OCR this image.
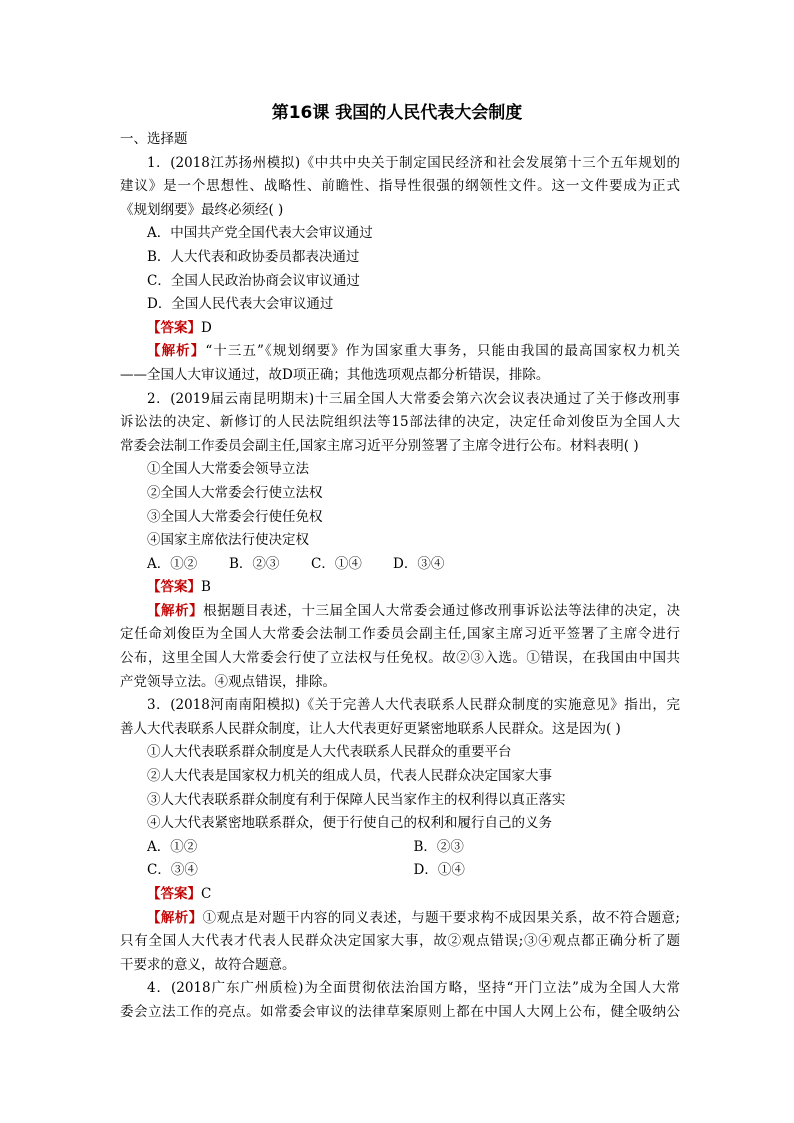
第16课 我国的人民代表大会制度
一、选择题
1．(2018江苏扬州模拟)《中共中央关于制定国民经济和社会发展第十三个五年规划的
建议》是一个思想性、战略性、前瞻性、指导性很强的纲领性文件。这一文件要成为正式
《规划纲要》最终必须经( )
A．中国共产党全国代表大会审议通过
B．人大代表和政协委员都表决通过
C．全国人民政治协商会议审议通过
D．全国人民代表大会审议通过
【答案】D
【解析】“十三五”《规划纲要》作为国家重大事务，只能由我国的最高国家权力机关
——全国人大审议通过，故D项正确；其他选项观点都分析错误，排除。
2．(2019届云南昆明期末)十三届全国人大常委会第六次会议表决通过了关于修改刑事
诉讼法的决定、新修订的人民法院组织法等15部法律的决定，决定任命刘俊臣为全国人大
常委会法制工作委员会副主任,国家主席习近平分别签署了主席令进行公布。材料表明( )
①全国人大常委会领导立法
②全国人大常委会行使立法权
③全国人大常委会行使任免权
④国家主席依法行使决定权
A．①②	B．②③	C．①④	D．③④
【答案】B
【解析】根据题目表述，十三届全国人大常委会通过修改刑事诉讼法等法律的决定，决
定任命刘俊臣为全国人大常委会法制工作委员会副主任,国家主席习近平签署了主席令进行
公布，这里全国人大常委会行使了立法权与任免权。故②③入选。①错误，在我国由中国共
产党领导立法。④观点错误，排除。
3．(2018河南南阳模拟)《关于完善人大代表联系人民群众制度的实施意见》指出，完
善人大代表联系人民群众制度，让人大代表更好更紧密地联系人民群众。这是因为( )
①人大代表联系群众制度是人大代表联系人民群众的重要平台
②人大代表是国家权力机关的组成人员，代表人民群众决定国家大事
③人大代表联系群众制度有利于保障人民当家作主的权利得以真正落实
④人大代表紧密地联系群众，便于行使自己的权利和履行自己的义务
A．①②	B．②③
C．③④	D．①④
【答案】C
【解析】①观点是对题干内容的同义表述，与题干要求构不成因果关系，故不符合题意;
只有全国人大代表才代表人民群众决定国家大事，故②观点错误;③④观点都正确分析了题
干要求的意义，故符合题意。
4．(2018广东广州质检)为全面贯彻依法治国方略，坚持“开门立法”成为全国人大常
委会立法工作的亮点。如常委会审议的法律草案原则上都在中国人大网上公布，健全吸纳公
